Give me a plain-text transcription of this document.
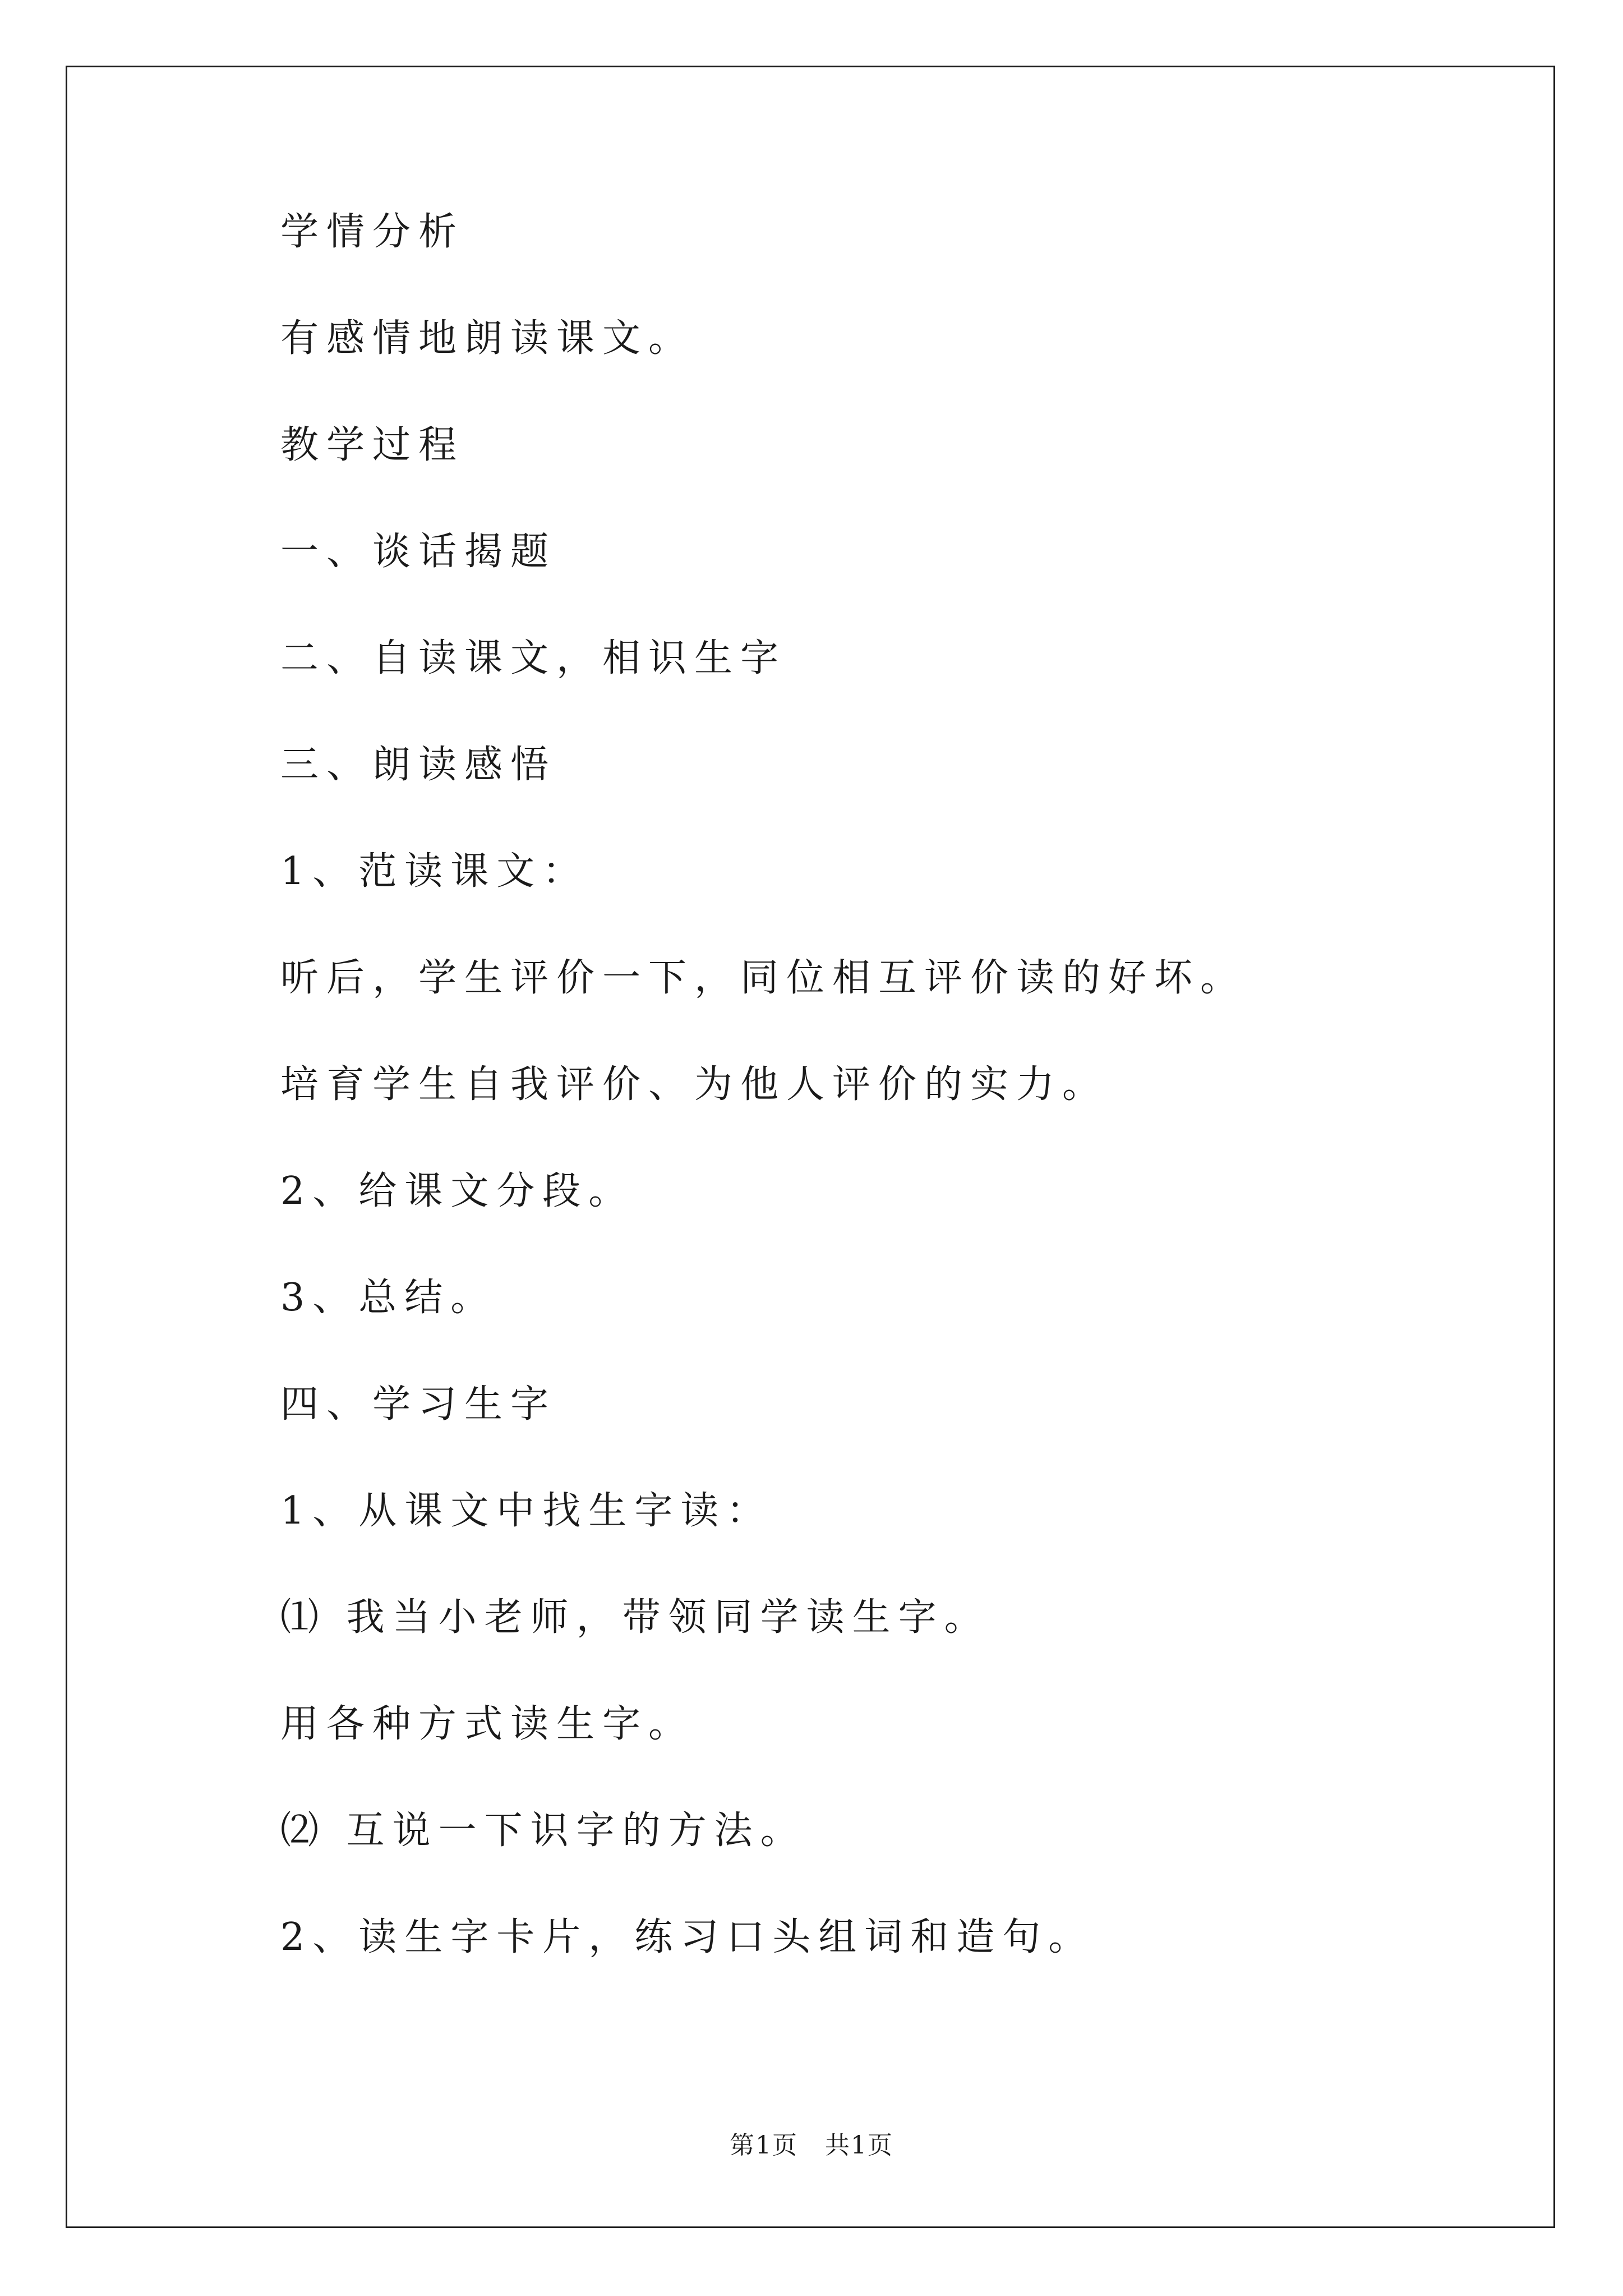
学情分析
有感情地朗读课文。
教学过程
一、谈话揭题
二、自读课文，相识生字
三、朗读感悟
1、范读课文：
听后，学生评价一下，同位相互评价读的好坏。
培育学生自我评价、为他人评价的实力。
2、给课文分段。
3、总结。
四、学习生字
1、从课文中找生字读：
⑴ 我当小老师，带领同学读生字。
用各种方式读生字。
⑵ 互说一下识字的方法。
2、读生字卡片，练习口头组词和造句。
第1页   共1页
